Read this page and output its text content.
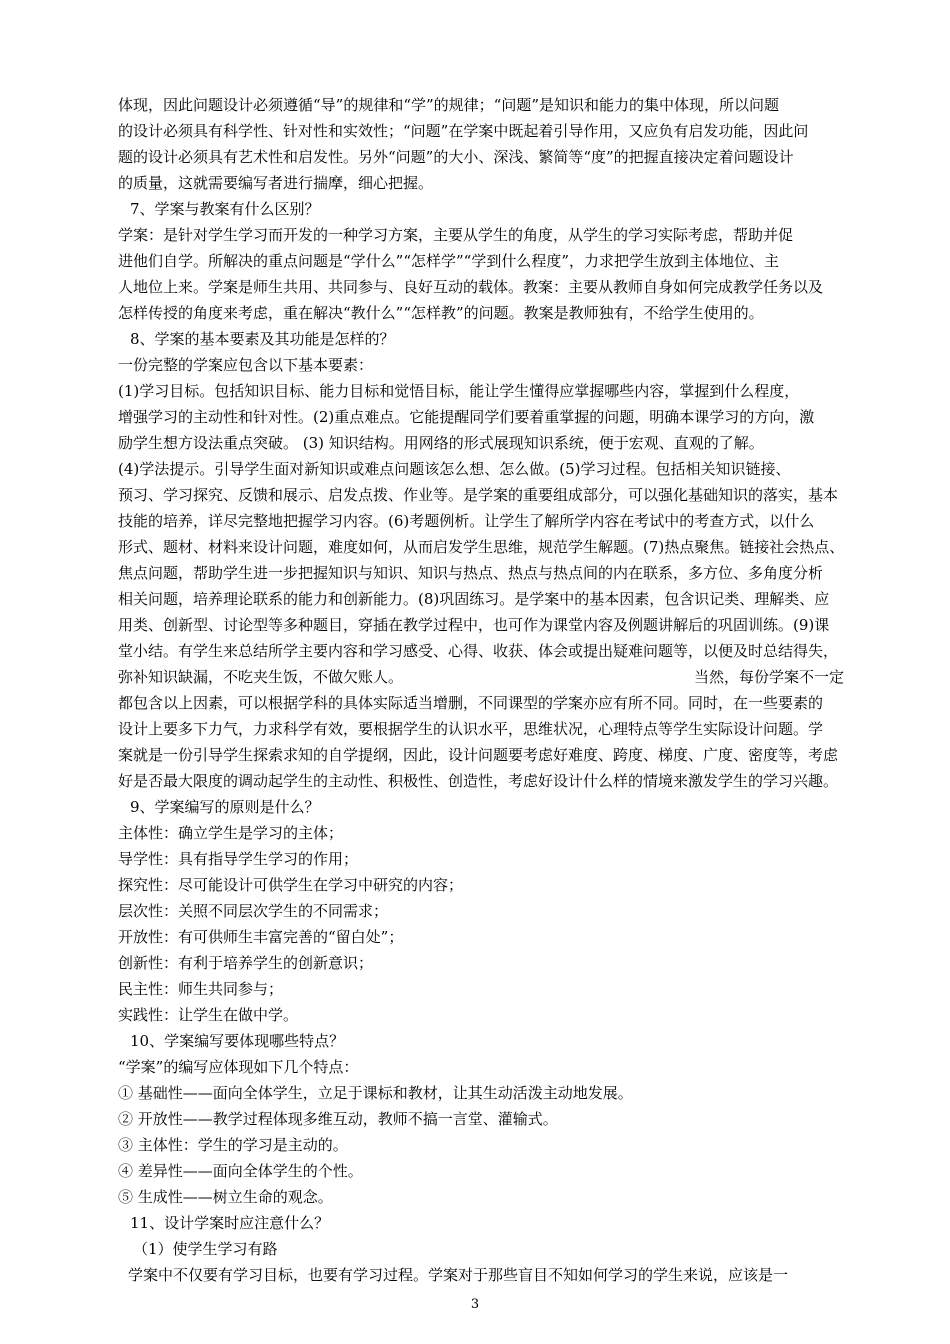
体现，因此问题设计必须遵循“导”的规律和“学”的规律；“问题”是知识和能力的集中体现，所以问题
的设计必须具有科学性、针对性和实效性；“问题”在学案中既起着引导作用，又应负有启发功能，因此问
题的设计必须具有艺术性和启发性。另外“问题”的大小、深浅、繁简等“度”的把握直接决定着问题设计
的质量，这就需要编写者进行揣摩，细心把握。
7、学案与教案有什么区别？
学案：是针对学生学习而开发的一种学习方案，主要从学生的角度，从学生的学习实际考虑，帮助并促
进他们自学。所解决的重点问题是“学什么”“怎样学”“学到什么程度”，力求把学生放到主体地位、主
人地位上来。学案是师生共用、共同参与、良好互动的载体。教案：主要从教师自身如何完成教学任务以及
怎样传授的角度来考虑，重在解决“教什么”“怎样教”的问题。教案是教师独有，不给学生使用的。
8、学案的基本要素及其功能是怎样的？
一份完整的学案应包含以下基本要素：
(1)学习目标。包括知识目标、能力目标和觉悟目标，能让学生懂得应掌握哪些内容，掌握到什么程度，
增强学习的主动性和针对性。(2)重点难点。它能提醒同学们要着重掌握的问题，明确本课学习的方向，激
励学生想方设法重点突破。 (3) 知识结构。用网络的形式展现知识系统，便于宏观、直观的了解。
(4)学法提示。引导学生面对新知识或难点问题该怎么想、怎么做。(5)学习过程。包括相关知识链接、
预习、学习探究、反馈和展示、启发点拨、作业等。是学案的重要组成部分，可以强化基础知识的落实，基本
技能的培养，详尽完整地把握学习内容。(6)考题例析。让学生了解所学内容在考试中的考查方式，以什么
形式、题材、材料来设计问题，难度如何，从而启发学生思维，规范学生解题。(7)热点聚焦。链接社会热点、
焦点问题，帮助学生进一步把握知识与知识、知识与热点、热点与热点间的内在联系，多方位、多角度分析
相关问题，培养理论联系的能力和创新能力。(8)巩固练习。是学案中的基本因素，包含识记类、理解类、应
用类、创新型、讨论型等多种题目，穿插在教学过程中，也可作为课堂内容及例题讲解后的巩固训练。(9)课
堂小结。有学生来总结所学主要内容和学习感受、心得、收获、体会或提出疑难问题等，以便及时总结得失，
弥补知识缺漏，不吃夹生饭，不做欠账人。	当然，每份学案不一定
都包含以上因素，可以根据学科的具体实际适当增删，不同课型的学案亦应有所不同。同时，在一些要素的
设计上要多下力气，力求科学有效，要根据学生的认识水平，思维状况，心理特点等学生实际设计问题。学
案就是一份引导学生探索求知的自学提纲，因此，设计问题要考虑好难度、跨度、梯度、广度、密度等，考虑
好是否最大限度的调动起学生的主动性、积极性、创造性，考虑好设计什么样的情境来激发学生的学习兴趣。
9、学案编写的原则是什么？
主体性：确立学生是学习的主体；
导学性：具有指导学生学习的作用；
探究性：尽可能设计可供学生在学习中研究的内容；
层次性：关照不同层次学生的不同需求；
开放性：有可供师生丰富完善的“留白处”；
创新性：有利于培养学生的创新意识；
民主性：师生共同参与；
实践性：让学生在做中学。
10、学案编写要体现哪些特点？
“学案”的编写应体现如下几个特点：
① 基础性——面向全体学生，立足于课标和教材，让其生动活泼主动地发展。
② 开放性——教学过程体现多维互动，教师不搞一言堂、灌输式。
③ 主体性：学生的学习是主动的。
④ 差异性——面向全体学生的个性。
⑤ 生成性——树立生命的观念。
11、设计学案时应注意什么？
（1）使学生学习有路
学案中不仅要有学习目标，也要有学习过程。学案对于那些盲目不知如何学习的学生来说，应该是一
3
